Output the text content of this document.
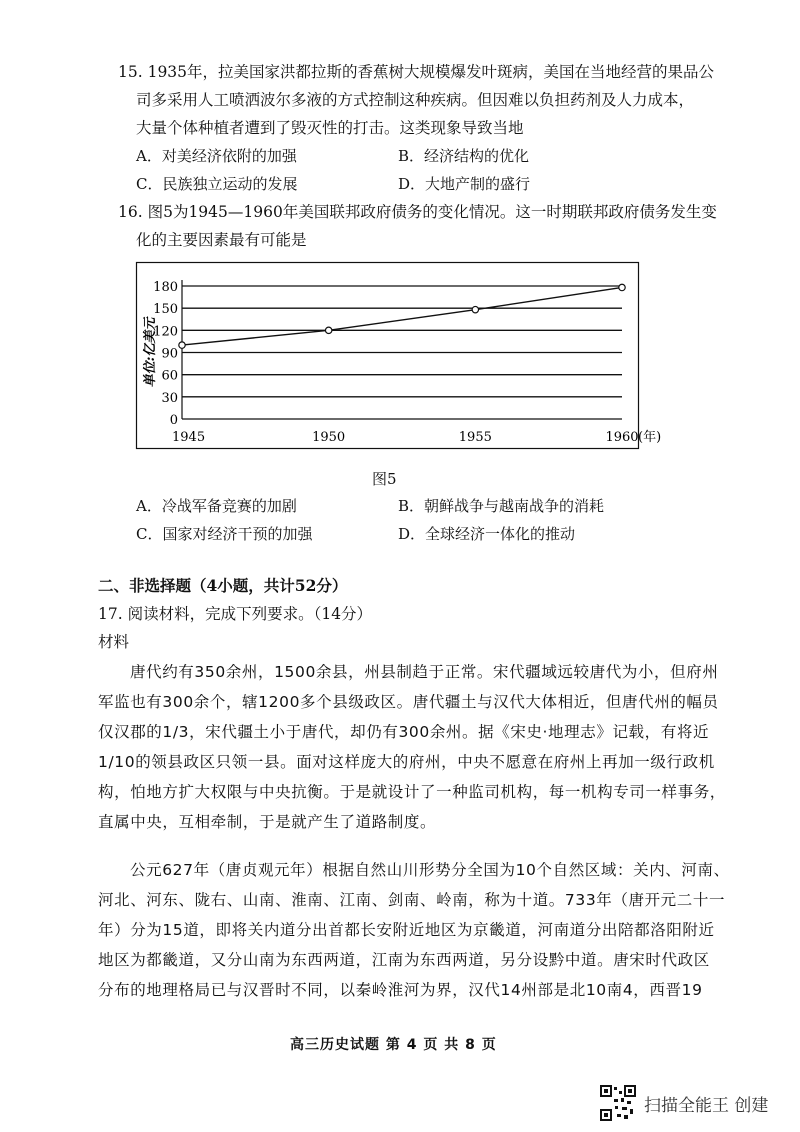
15. 1935年，拉美国家洪都拉斯的香蕉树大规模爆发叶斑病，美国在当地经营的果品公
司多采用人工喷洒波尔多液的方式控制这种疾病。但因难以负担药剂及人力成本，
大量个体种植者遭到了毁灭性的打击。这类现象导致当地
A．对美经济依附的加强	B．经济结构的优化
C．民族独立运动的发展	D．大地产制的盛行
16. 图5为1945—1960年美国联邦政府债务的变化情况。这一时期联邦政府债务发生变
化的主要因素最有可能是
0
30
60
90
120
150
180
1945	1950	1955	1960 (年)
单位:亿美元
图5
A．冷战军备竞赛的加剧	B．朝鲜战争与越南战争的消耗
C．国家对经济干预的加强	D．全球经济一体化的推动
二、非选择题（4小题，共计52分）
17. 阅读材料，完成下列要求。（14分）
材料
唐代约有350余州，1500余县，州县制趋于正常。宋代疆域远较唐代为小，但府州
军监也有300余个，辖1200多个县级政区。唐代疆土与汉代大体相近，但唐代州的幅员
仅汉郡的1/3，宋代疆土小于唐代，却仍有300余州。据《宋史·地理志》记载，有将近
1/10的领县政区只领一县。面对这样庞大的府州，中央不愿意在府州上再加一级行政机
构，怕地方扩大权限与中央抗衡。于是就设计了一种监司机构，每一机构专司一样事务，
直属中央，互相牵制，于是就产生了道路制度。
公元627年（唐贞观元年）根据自然山川形势分全国为10个自然区域：关内、河南、
河北、河东、陇右、山南、淮南、江南、剑南、岭南，称为十道。733年（唐开元二十一
年）分为15道，即将关内道分出首都长安附近地区为京畿道，河南道分出陪都洛阳附近
地区为都畿道，又分山南为东西两道，江南为东西两道，另分设黔中道。唐宋时代政区
分布的地理格局已与汉晋时不同，以秦岭淮河为界，汉代14州部是北10南4，西晋19
高三历史试题 第 4 页 共 8 页
扫描全能王 创建
